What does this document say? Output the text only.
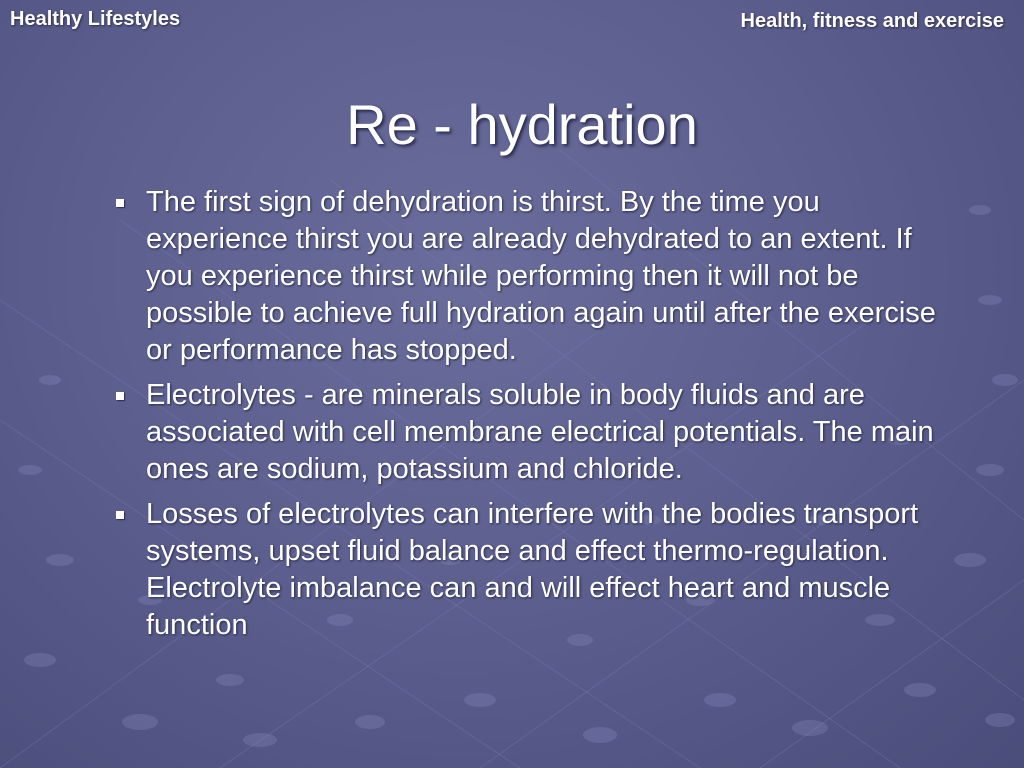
Healthy Lifestyles	Health, fitness and exercise
Re - hydration
The first sign of dehydration is thirst. By the time you experience thirst you are already dehydrated to an extent. If you experience thirst while performing then it will not be possible to achieve full hydration again until after the exercise or performance has stopped.
Electrolytes - are minerals soluble in body fluids and are associated with cell membrane electrical potentials. The main ones are sodium, potassium and chloride.
Losses of electrolytes can interfere with the bodies transport systems, upset fluid balance and effect thermo-regulation. Electrolyte imbalance can and will effect heart and muscle function
